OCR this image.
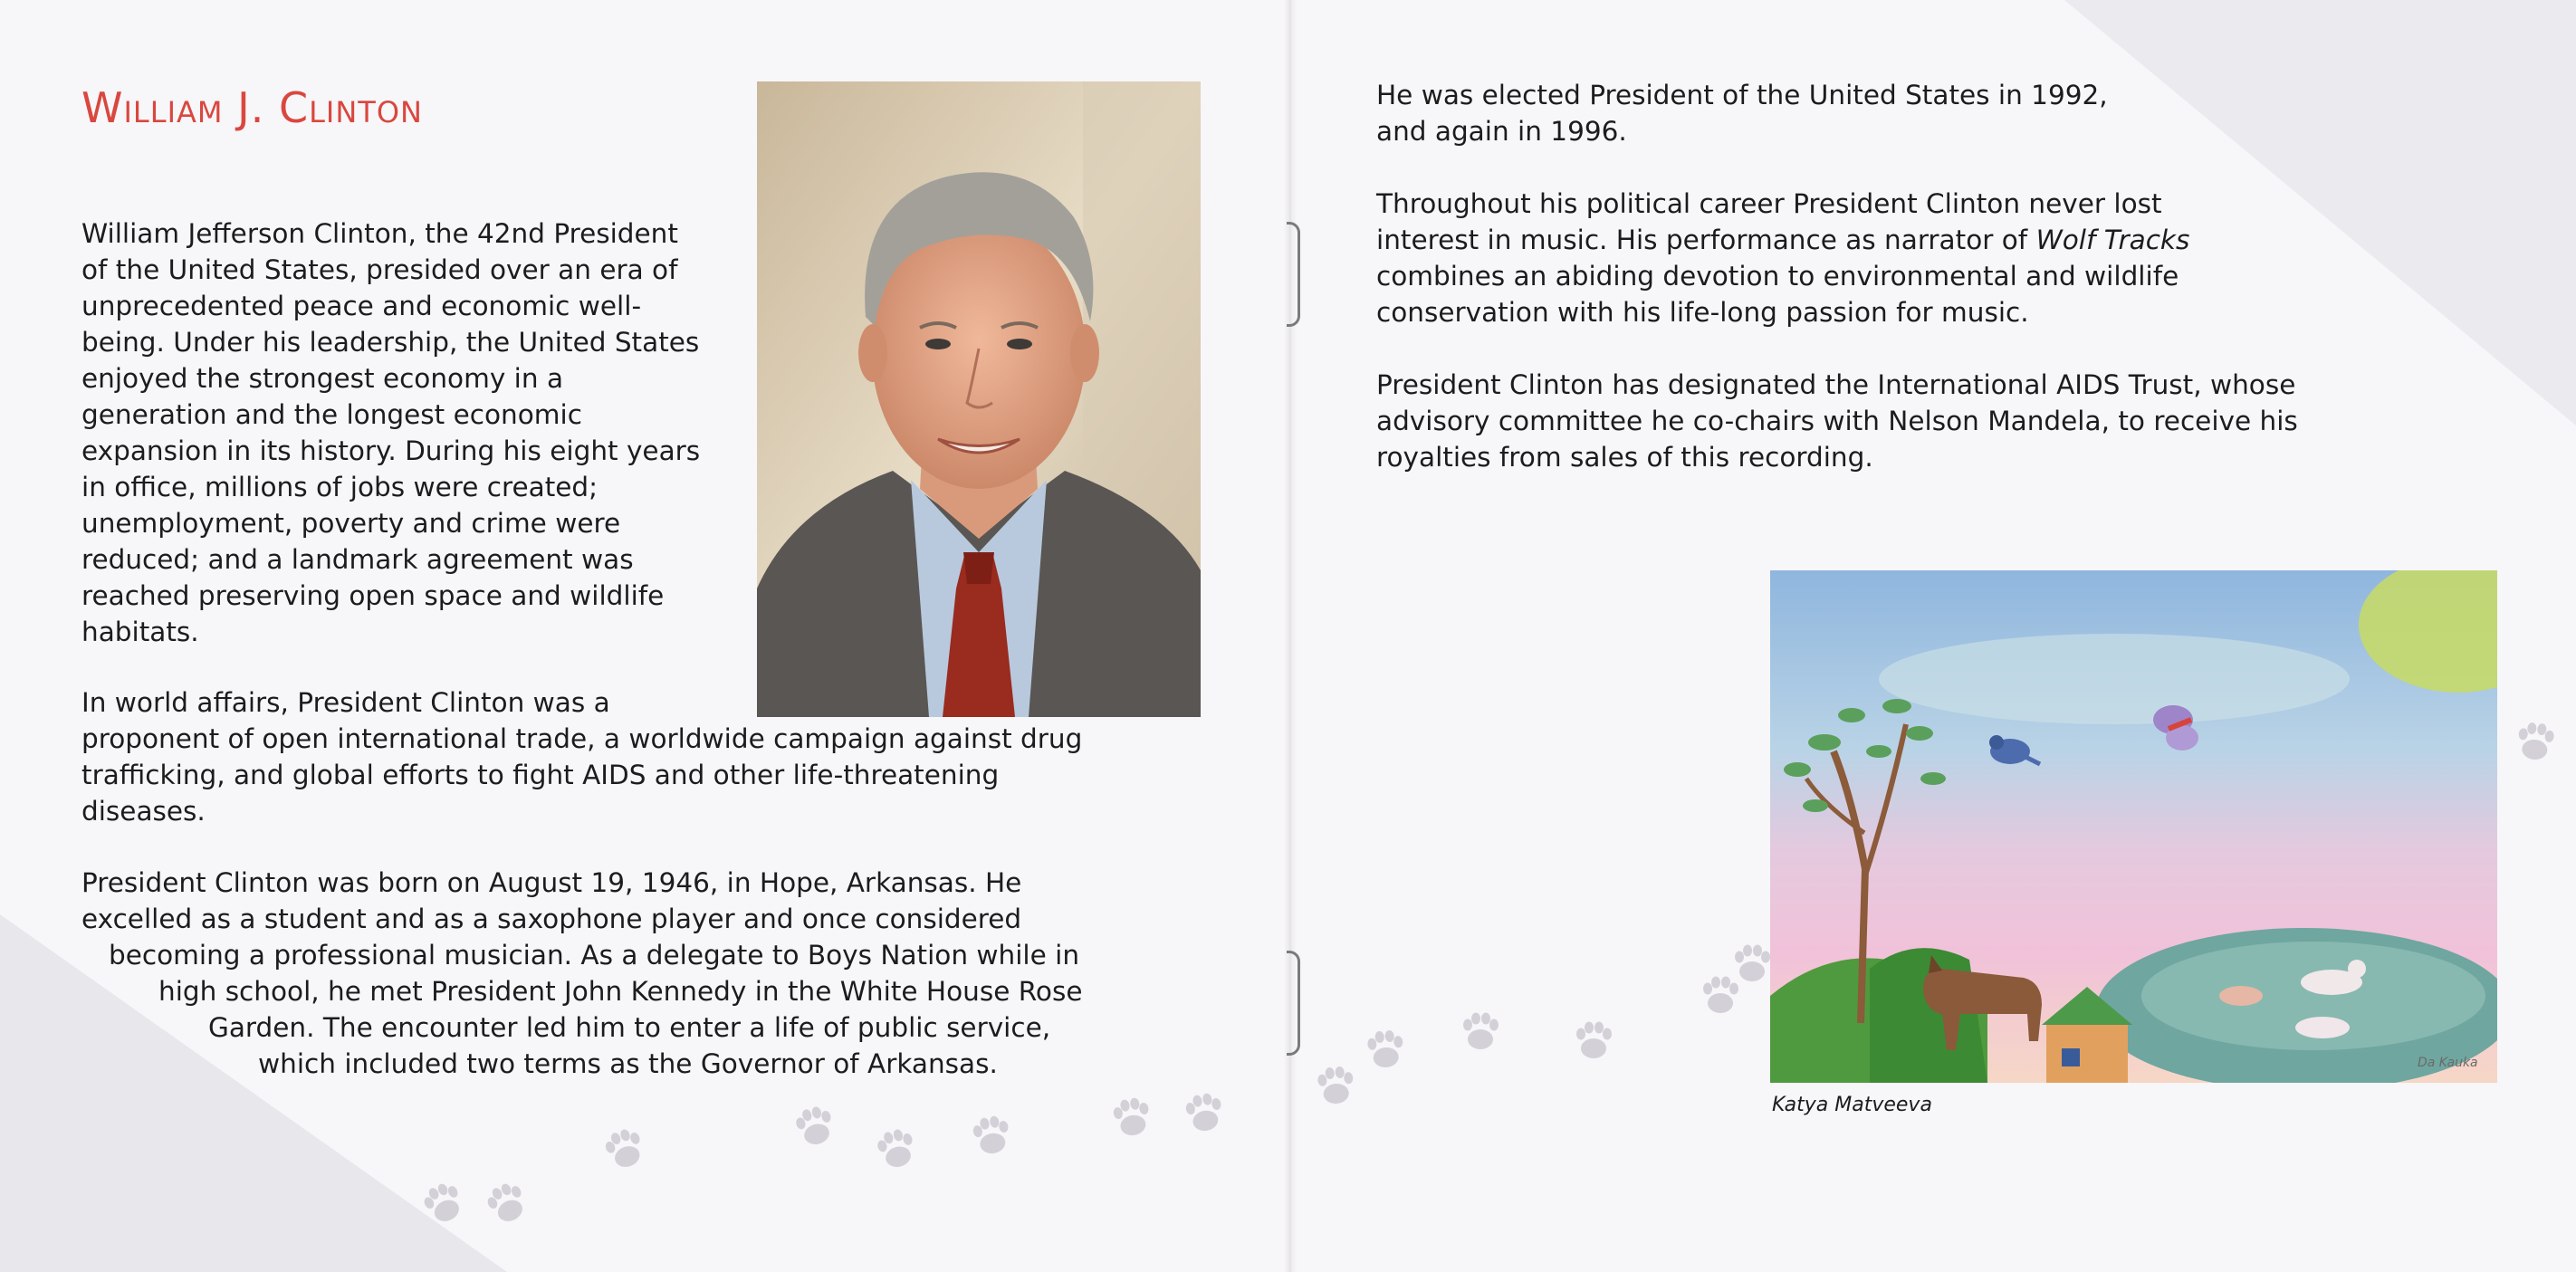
William J. Clinton

William Jefferson Clinton, the 42nd President
of the United States, presided over an era of
unprecedented peace and economic well-
being. Under his leadership, the United States
enjoyed the strongest economy in a
generation and the longest economic
expansion in its history. During his eight years
in office, millions of jobs were created;
unemployment, poverty and crime were
reduced; and a landmark agreement was
reached preserving open space and wildlife
habitats.

In world affairs, President Clinton was a
proponent of open international trade, a worldwide campaign against drug
trafficking, and global efforts to fight AIDS and other life-threatening
diseases.

President Clinton was born on August 19, 1946, in Hope, Arkansas. He
excelled as a student and as a saxophone player and once considered
becoming a professional musician. As a delegate to Boys Nation while in
high school, he met President John Kennedy in the White House Rose
Garden. The encounter led him to enter a life of public service,
which included two terms as the Governor of Arkansas.

He was elected President of the United States in 1992,
and again in 1996.

Throughout his political career President Clinton never lost
interest in music. His performance as narrator of Wolf Tracks
combines an abiding devotion to environmental and wildlife
conservation with his life-long passion for music.

President Clinton has designated the International AIDS Trust, whose
advisory committee he co-chairs with Nelson Mandela, to receive his
royalties from sales of this recording.

Da Kauka

Katya Matveeva
